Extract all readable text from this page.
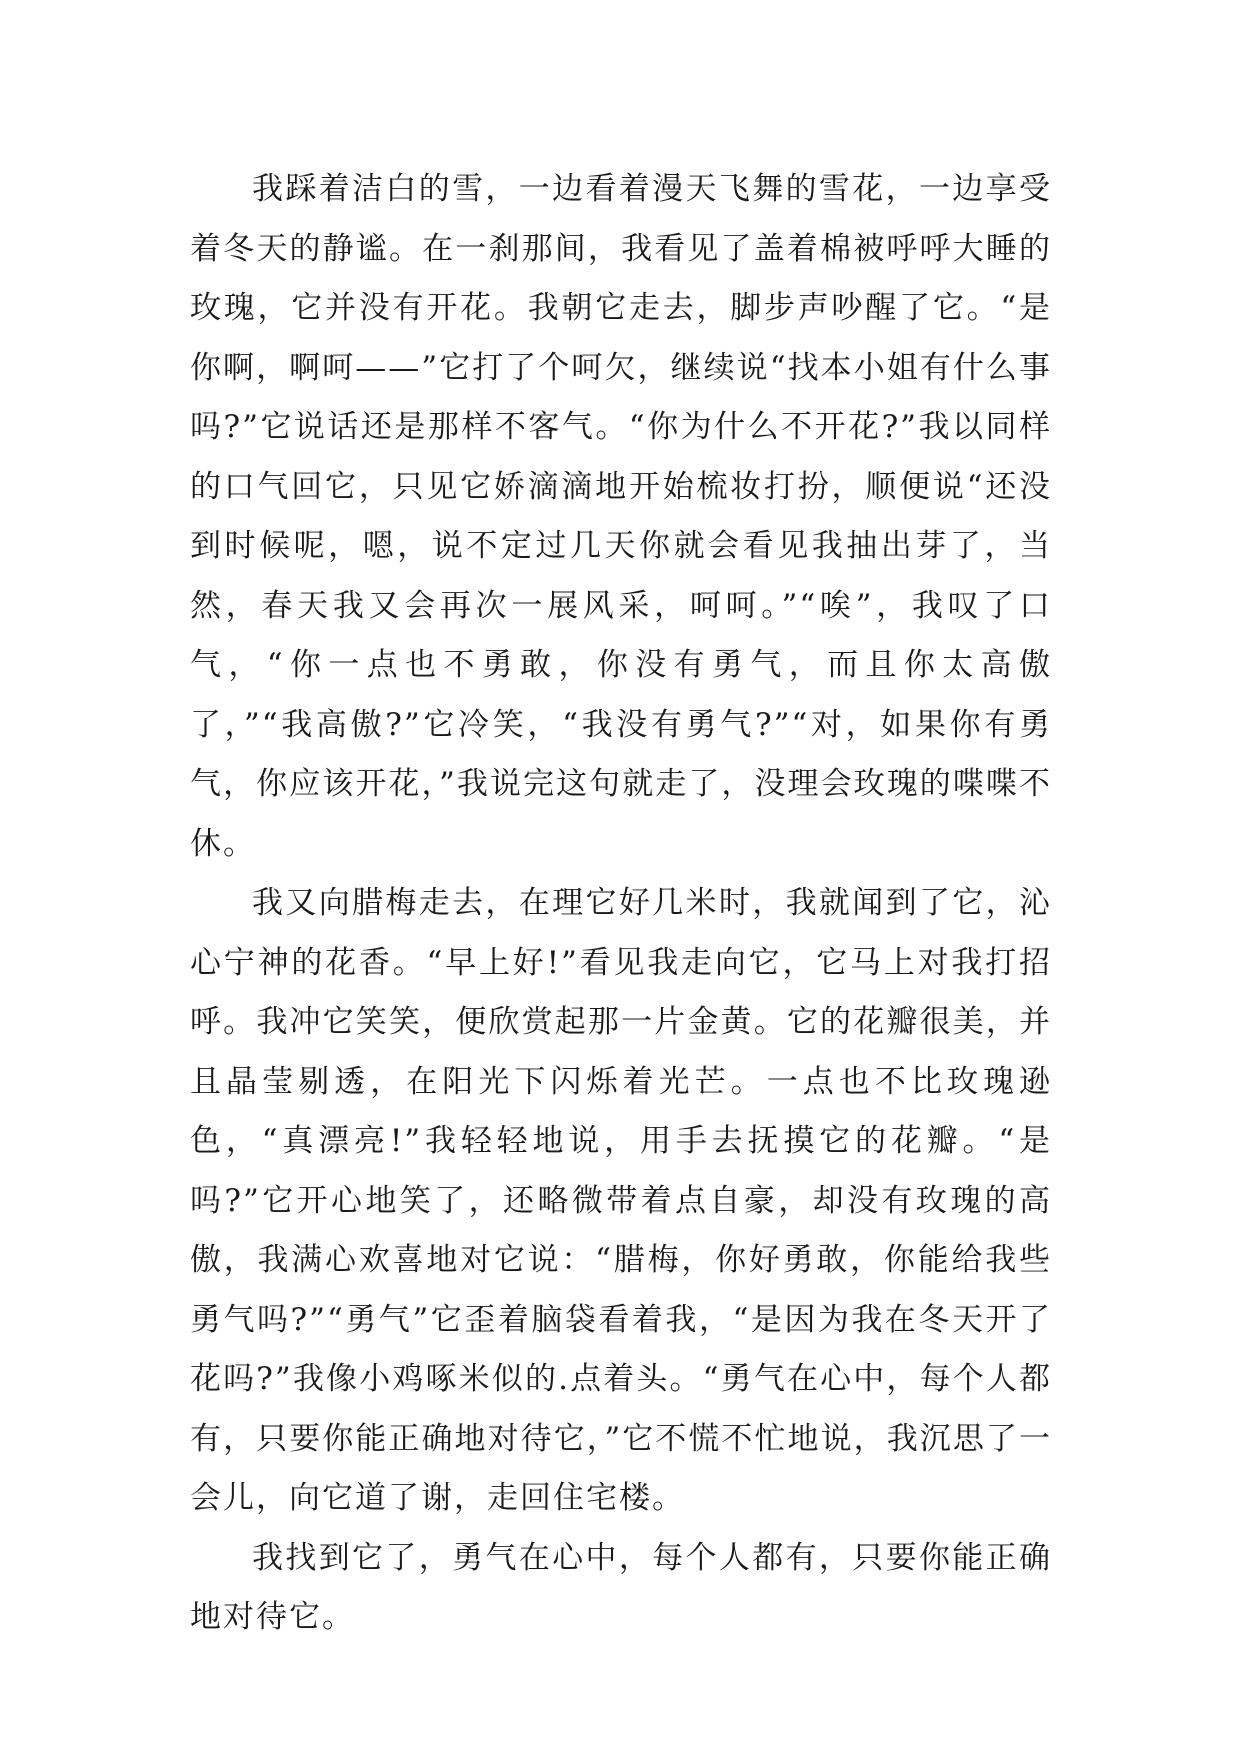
我踩着洁白的雪，一边看着漫天飞舞的雪花，一边享受着冬天的静谧。在一刹那间，我看见了盖着棉被呼呼大睡的玫瑰，它并没有开花。我朝它走去，脚步声吵醒了它。“是你啊，啊呵——”它打了个呵欠，继续说“找本小姐有什么事吗?”它说话还是那样不客气。“你为什么不开花?”我以同样的口气回它，只见它娇滴滴地开始梳妆打扮，顺便说“还没到时候呢，嗯，说不定过几天你就会看见我抽出芽了，当然，春天我又会再次一展风采，呵呵。”“唉”，我叹了口气，“你一点也不勇敢，你没有勇气，而且你太高傲了，”“我高傲?”它冷笑，“我没有勇气?”“对，如果你有勇气，你应该开花，”我说完这句就走了，没理会玫瑰的喋喋不休。

我又向腊梅走去，在理它好几米时，我就闻到了它，沁心宁神的花香。“早上好!”看见我走向它，它马上对我打招呼。我冲它笑笑，便欣赏起那一片金黄。它的花瓣很美，并且晶莹剔透，在阳光下闪烁着光芒。一点也不比玫瑰逊色，“真漂亮!”我轻轻地说，用手去抚摸它的花瓣。“是吗?”它开心地笑了，还略微带着点自豪，却没有玫瑰的高傲，我满心欢喜地对它说：“腊梅，你好勇敢，你能给我些勇气吗?”“勇气”它歪着脑袋看着我，“是因为我在冬天开了花吗?”我像小鸡啄米似的.点着头。“勇气在心中，每个人都有，只要你能正确地对待它，”它不慌不忙地说，我沉思了一会儿，向它道了谢，走回住宅楼。

我找到它了，勇气在心中，每个人都有，只要你能正确地对待它。
